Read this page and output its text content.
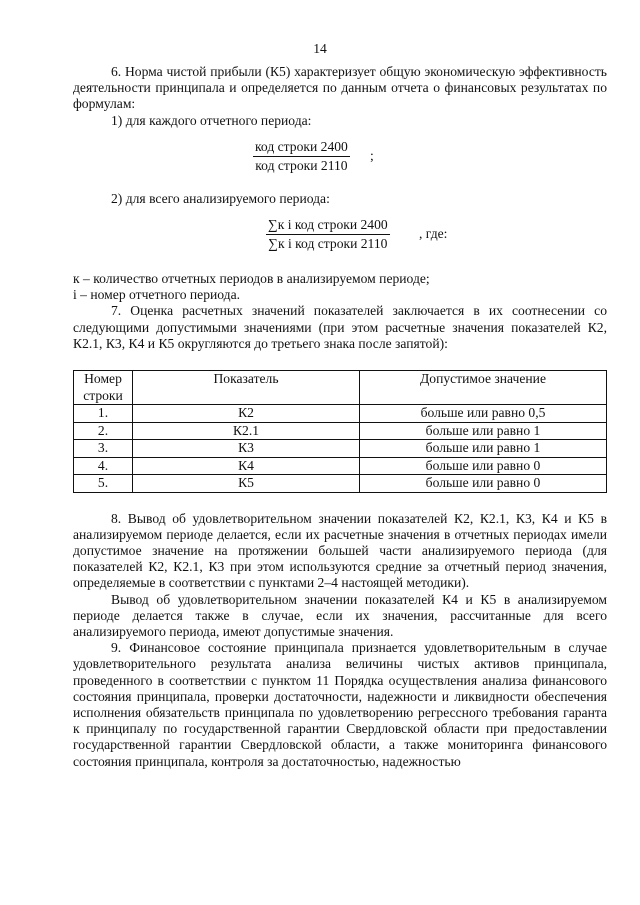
14

6. Норма чистой прибыли (К5) характеризует общую экономическую эффективность деятельности принципала и определяется по данным отчета о финансовых результатах по формулам:

1) для каждого отчетного периода:

код строки 2400
код строки 2110
;

2) для всего анализируемого периода:

∑к i код строки 2400
∑к i код строки 2110
, где:

к – количество отчетных периодов в анализируемом периоде;

i – номер отчетного периода.

7. Оценка расчетных значений показателей заключается в их соотнесении со следующими допустимыми значениями (при этом расчетные значения показателей К2, К2.1, К3, К4 и К5 округляются до третьего знака после запятой):

Номер строки	Показатель	Допустимое значение
1.	К2	больше или равно 0,5
2.	К2.1	больше или равно 1
3.	К3	больше или равно 1
4.	К4	больше или равно 0
5.	К5	больше или равно 0

8. Вывод об удовлетворительном значении показателей К2, К2.1, К3, К4 и К5 в анализируемом периоде делается, если их расчетные значения в отчетных периодах имели допустимое значение на протяжении большей части анализируемого периода (для показателей К2, К2.1, К3 при этом используются средние за отчетный период значения, определяемые в соответствии с пунктами 2–4 настоящей методики).

Вывод об удовлетворительном значении показателей К4 и К5 в анализируемом периоде делается также в случае, если их значения, рассчитанные для всего анализируемого периода, имеют допустимые значения.

9. Финансовое состояние принципала признается удовлетворительным в случае удовлетворительного результата анализа величины чистых активов принципала, проведенного в соответствии с пунктом 11 Порядка осуществления анализа финансового состояния принципала, проверки достаточности, надежности и ликвидности обеспечения исполнения обязательств принципала по удовлетворению регрессного требования гаранта к принципалу по государственной гарантии Свердловской области при предоставлении государственной гарантии Свердловской области, а также мониторинга финансового состояния принципала, контроля за достаточностью, надежностью
